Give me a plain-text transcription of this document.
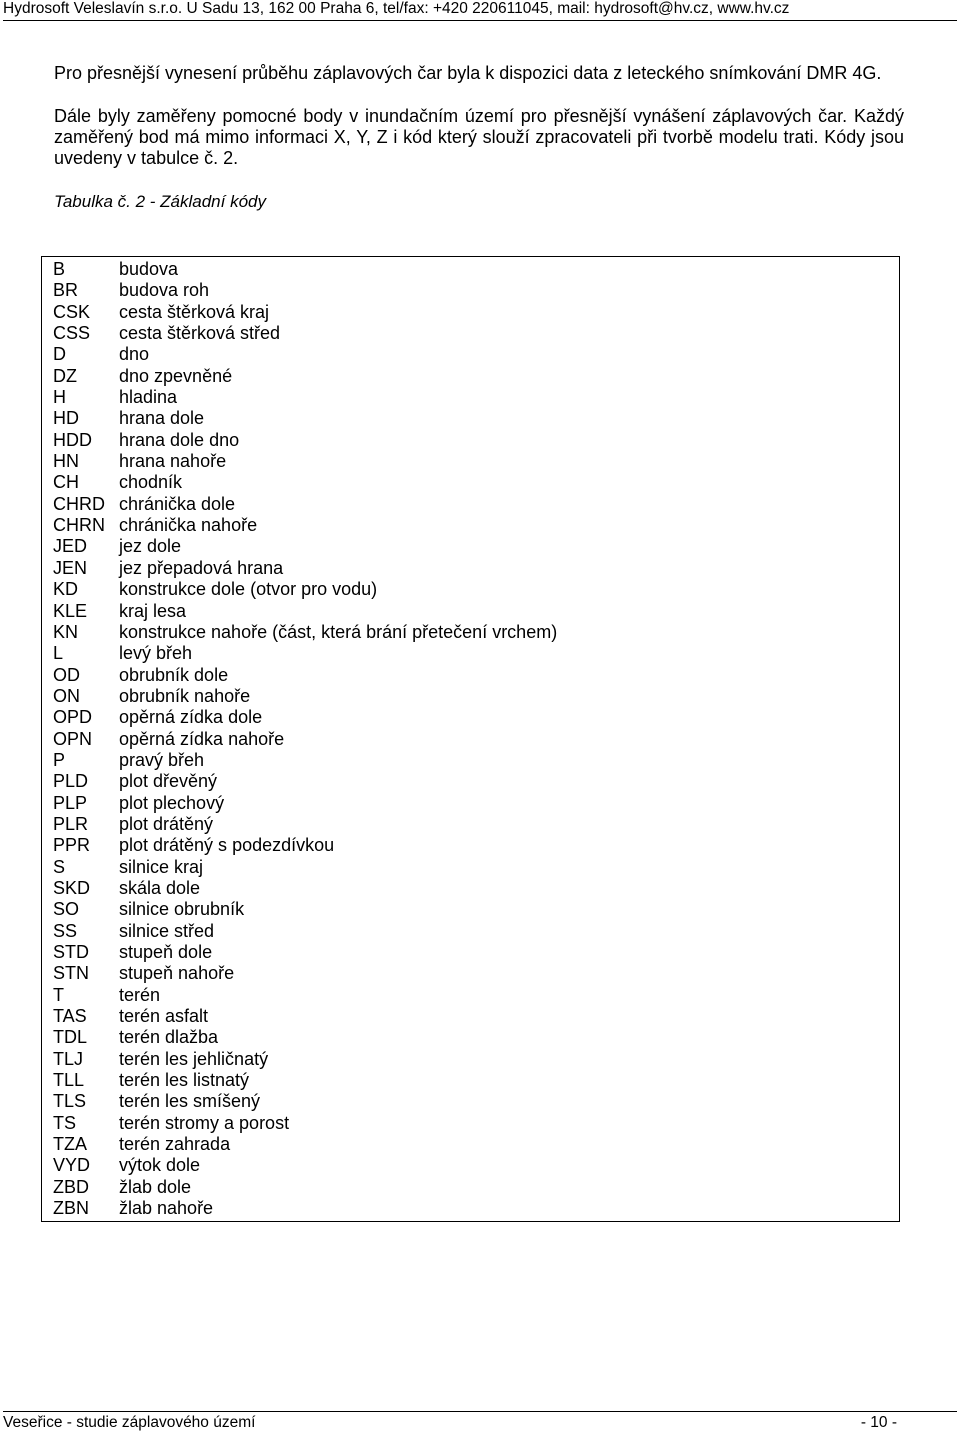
Hydrosoft Veleslavín s.r.o. U Sadu 13, 162 00 Praha 6, tel/fax: +420 220611045, mail: hydrosoft@hv.cz, www.hv.cz

Pro přesnější vynesení průběhu záplavových čar byla k dispozici data z leteckého snímkování DMR 4G.

Dále byly zaměřeny pomocné body v inundačním území pro přesnější vynášení záplavových čar. Každý zaměřený bod má mimo informaci X, Y, Z i kód který slouží zpracovateli při tvorbě modelu trati. Kódy jsou uvedeny v tabulce č. 2.

Tabulka č. 2 - Základní kódy

B	budova
BR budova roh
CSK cesta štěrková kraj
CSS cesta štěrková střed
D	dno
DZ dno zpevněné
H	hladina
HD hrana dole
HDD hrana dole dno
HN hrana nahoře
CH chodník
CHRD chránička dole
CHRN chránička nahoře
JED jez dole
JEN jez přepadová hrana
KD konstrukce dole (otvor pro vodu)
KLE kraj lesa
KN konstrukce nahoře (část, která brání přetečení vrchem)
L	levý břeh
OD obrubník dole
ON obrubník nahoře
OPD opěrná zídka dole
OPN opěrná zídka nahoře
P	pravý břeh
PLD plot dřevěný
PLP plot plechový
PLR plot drátěný
PPR plot drátěný s podezdívkou
S	silnice kraj
SKD skála dole
SO silnice obrubník
SS silnice střed
STD stupeň dole
STN stupeň nahoře
T	terén
TAS terén asfalt
TDL terén dlažba
TLJ terén les jehličnatý
TLL terén les listnatý
TLS terén les smíšený
TS terén stromy a porost
TZA terén zahrada
VYD výtok dole
ZBD žlab dole
ZBN žlab nahoře
Veseřice - studie záplavového území	- 10 -
